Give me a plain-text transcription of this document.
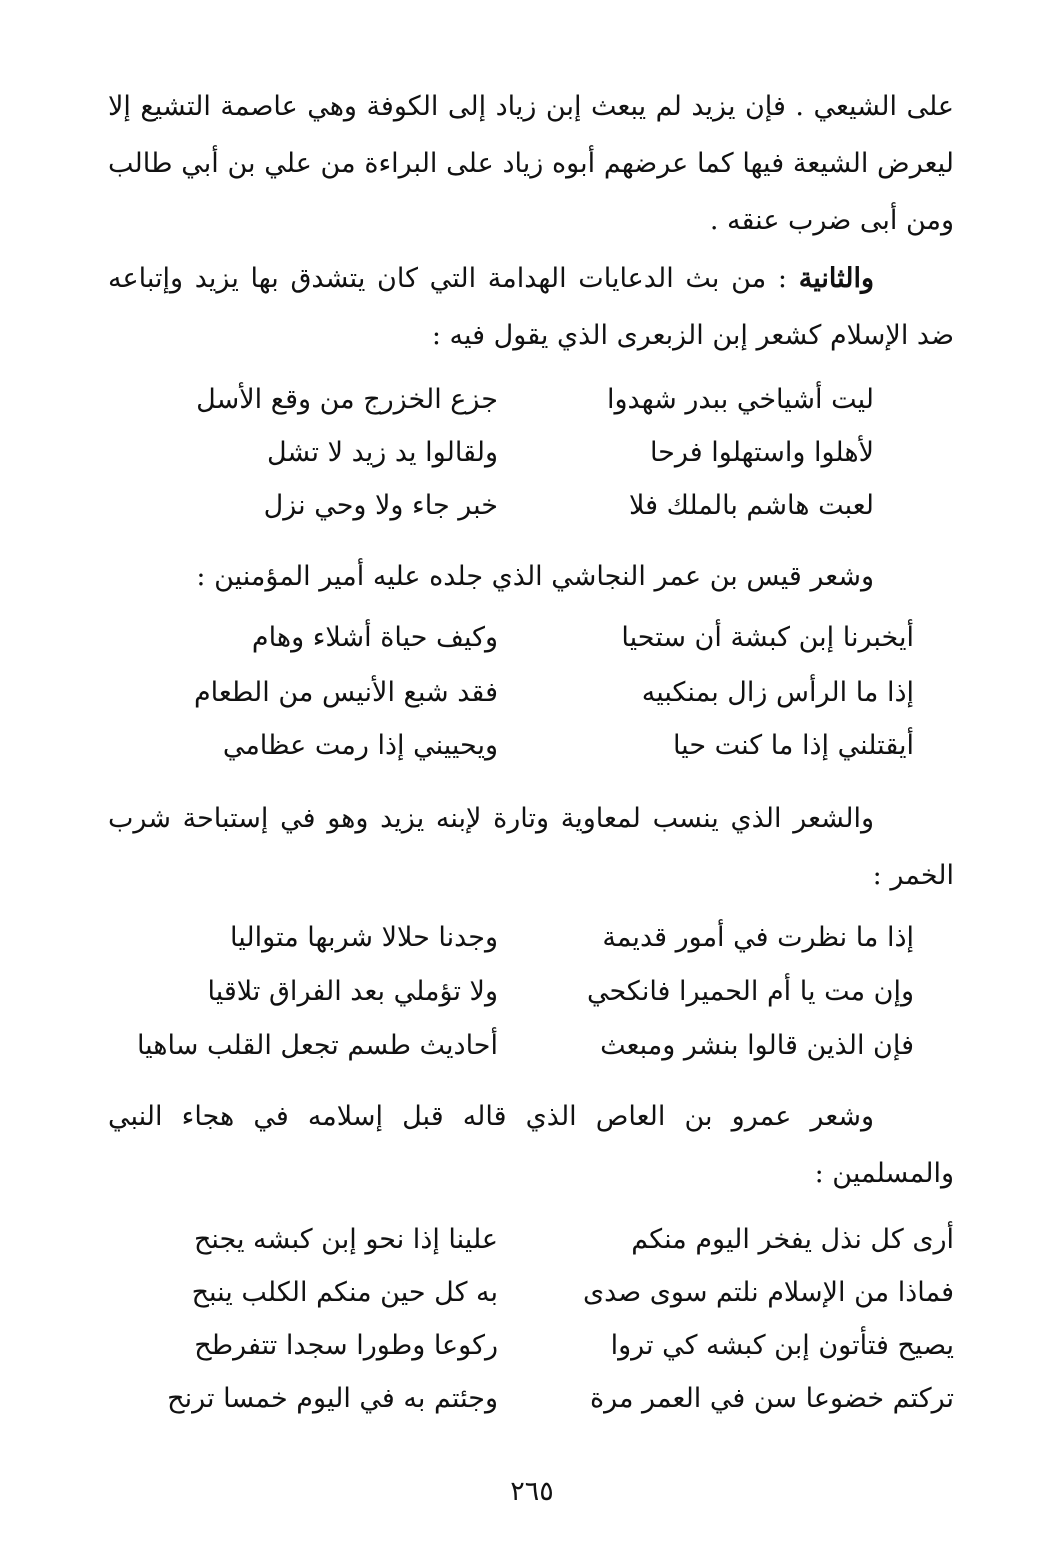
على الشيعي . فإن يزيد لم يبعث إبن زياد إلى الكوفة وهي عاصمة التشيع إلا ليعرض الشيعة فيها كما عرضهم أبوه زياد على البراءة من علي بن أبي طالب ومن أبى ضرب عنقه .

والثانية : من بث الدعايات الهدامة التي كان يتشدق بها يزيد وإتباعه ضد الإسلام كشعر إبن الزبعرى الذي يقول فيه :

ليت أشياخي ببدر شهدوا
جزع الخزرج من وقع الأسل
لأهلوا واستهلوا فرحا
ولقالوا يد زيد لا تشل
لعبت هاشم بالملك فلا
خبر جاء ولا وحي نزل

وشعر قيس بن عمر النجاشي الذي جلده عليه أمير المؤمنين :

أيخبرنا إبن كبشة أن ستحيا
وكيف حياة أشلاء وهام
إذا ما الرأس زال بمنكبيه
فقد شبع الأنيس من الطعام
أيقتلني إذا ما كنت حيا
ويحييني إذا رمت عظامي

والشعر الذي ينسب لمعاوية وتارة لإبنه يزيد وهو في إستباحة شرب الخمر :

إذا ما نظرت في أمور قديمة
وجدنا حلالا شربها متواليا
وإن مت يا أم الحميرا فانكحي
ولا تؤملي بعد الفراق تلاقيا
فإن الذين قالوا بنشر ومبعث
أحاديث طسم تجعل القلب ساهيا

وشعر عمرو بن العاص الذي قاله قبل إسلامه في هجاء النبي والمسلمين :

أرى كل نذل يفخر اليوم منكم
علينا إذا نحو إبن كبشه يجنح
فماذا من الإسلام نلتم سوى صدى
به كل حين منكم الكلب ينبح
يصيح فتأتون إبن كبشه كي تروا
ركوعا وطورا سجدا تتفرطح
تركتم خضوعا سن في العمر مرة
وجئتم به في اليوم خمسا ترنح
٢٦٥
